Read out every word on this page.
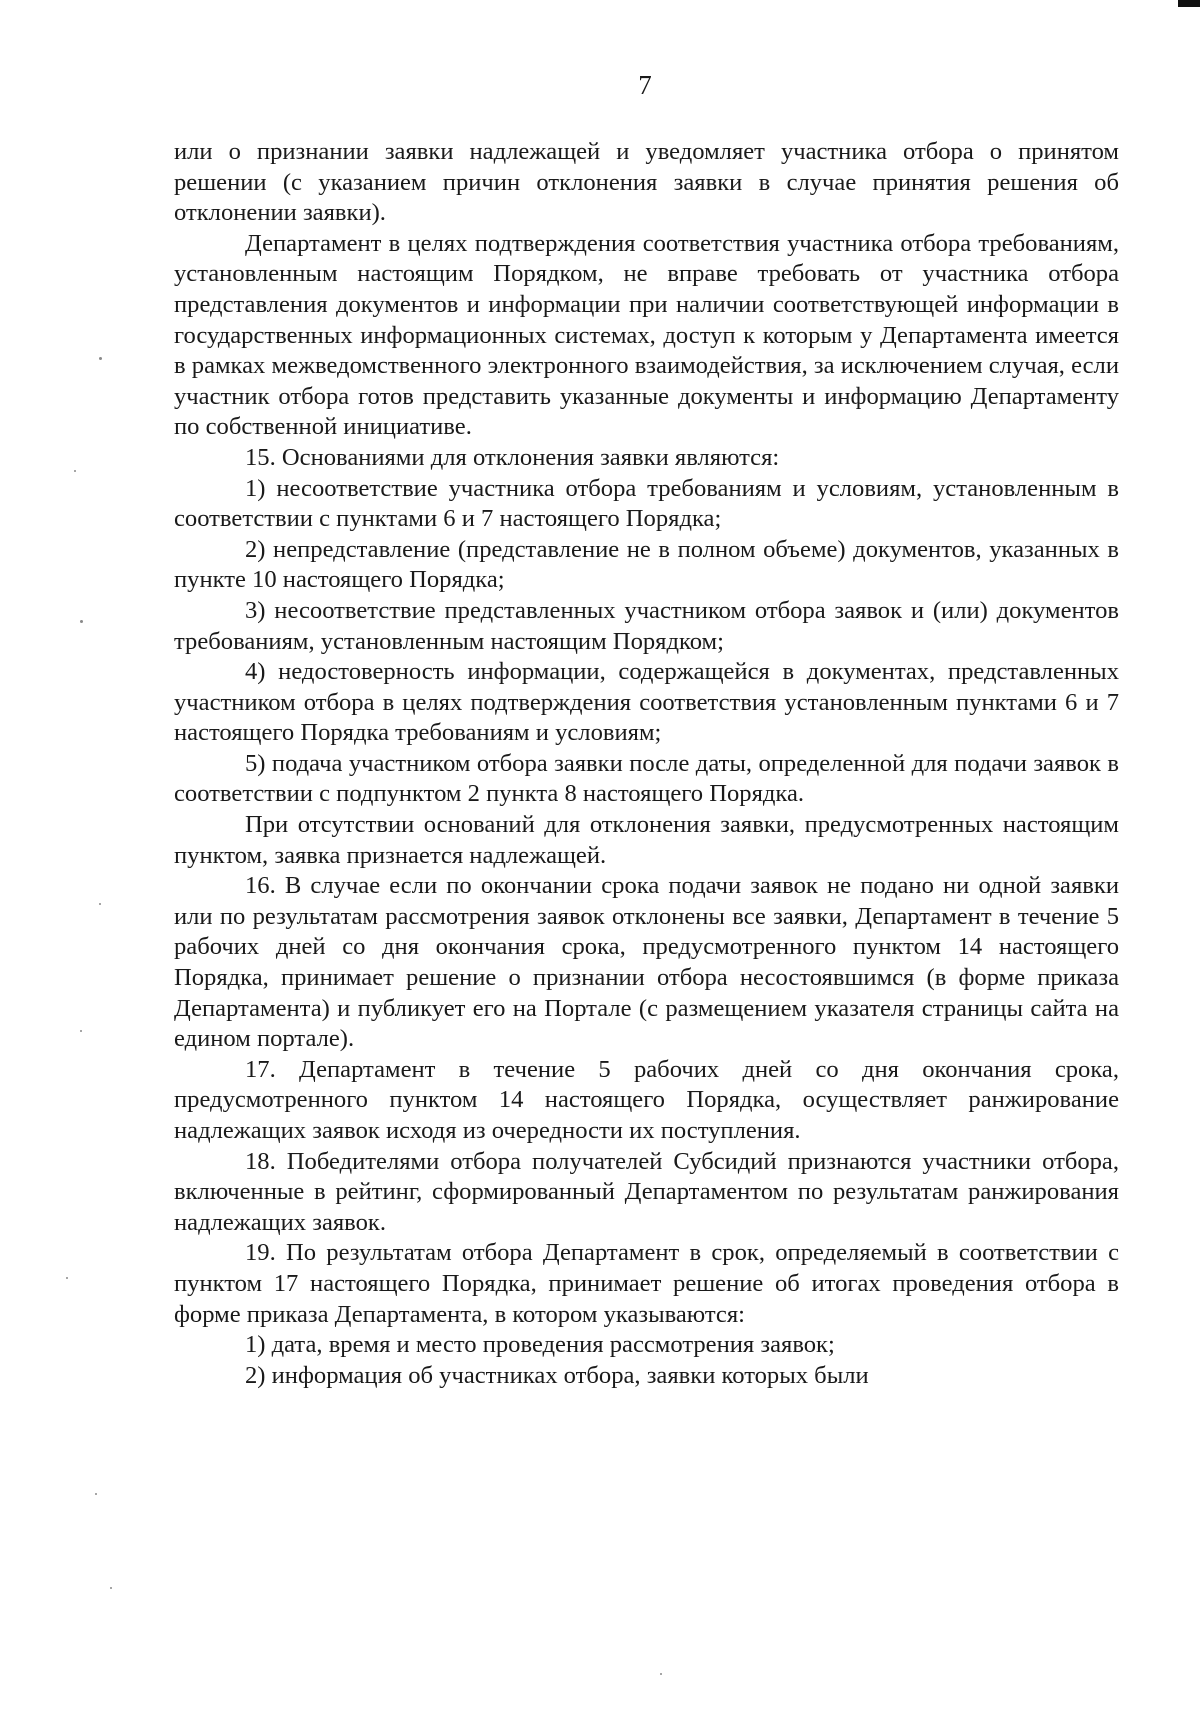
7

или о признании заявки надлежащей и уведомляет участника отбора о принятом решении (с указанием причин отклонения заявки в случае принятия решения об отклонении заявки).

Департамент в целях подтверждения соответствия участника отбора требованиям, установленным настоящим Порядком, не вправе требовать от участника отбора представления документов и информации при наличии соответствующей информации в государственных информационных системах, доступ к которым у Департамента имеется в рамках межведомственного электронного взаимодействия, за исключением случая, если участник отбора готов представить указанные документы и информацию Департаменту по собственной инициативе.

15. Основаниями для отклонения заявки являются:

1) несоответствие участника отбора требованиям и условиям, установленным в соответствии с пунктами 6 и 7 настоящего Порядка;

2) непредставление (представление не в полном объеме) документов, указанных в пункте 10 настоящего Порядка;

3) несоответствие представленных участником отбора заявок и (или) документов требованиям, установленным настоящим Порядком;

4) недостоверность информации, содержащейся в документах, представленных участником отбора в целях подтверждения соответствия установленным пунктами 6 и 7 настоящего Порядка требованиям и условиям;

5) подача участником отбора заявки после даты, определенной для подачи заявок в соответствии с подпунктом 2 пункта 8 настоящего Порядка.

При отсутствии оснований для отклонения заявки, предусмотренных настоящим пунктом, заявка признается надлежащей.

16. В случае если по окончании срока подачи заявок не подано ни одной заявки или по результатам рассмотрения заявок отклонены все заявки, Департамент в течение 5 рабочих дней со дня окончания срока, предусмотренного пунктом 14 настоящего Порядка, принимает решение о признании отбора несостоявшимся (в форме приказа Департамента) и публикует его на Портале (с размещением указателя страницы сайта на едином портале).

17. Департамент в течение 5 рабочих дней со дня окончания срока, предусмотренного пунктом 14 настоящего Порядка, осуществляет ранжирование надлежащих заявок исходя из очередности их поступления.

18. Победителями отбора получателей Субсидий признаются участники отбора, включенные в рейтинг, сформированный Департаментом по результатам ранжирования надлежащих заявок.

19. По результатам отбора Департамент в срок, определяемый в соответствии с пунктом 17 настоящего Порядка, принимает решение об итогах проведения отбора в форме приказа Департамента, в котором указываются:

1) дата, время и место проведения рассмотрения заявок;

2) информация об участниках отбора, заявки которых были
